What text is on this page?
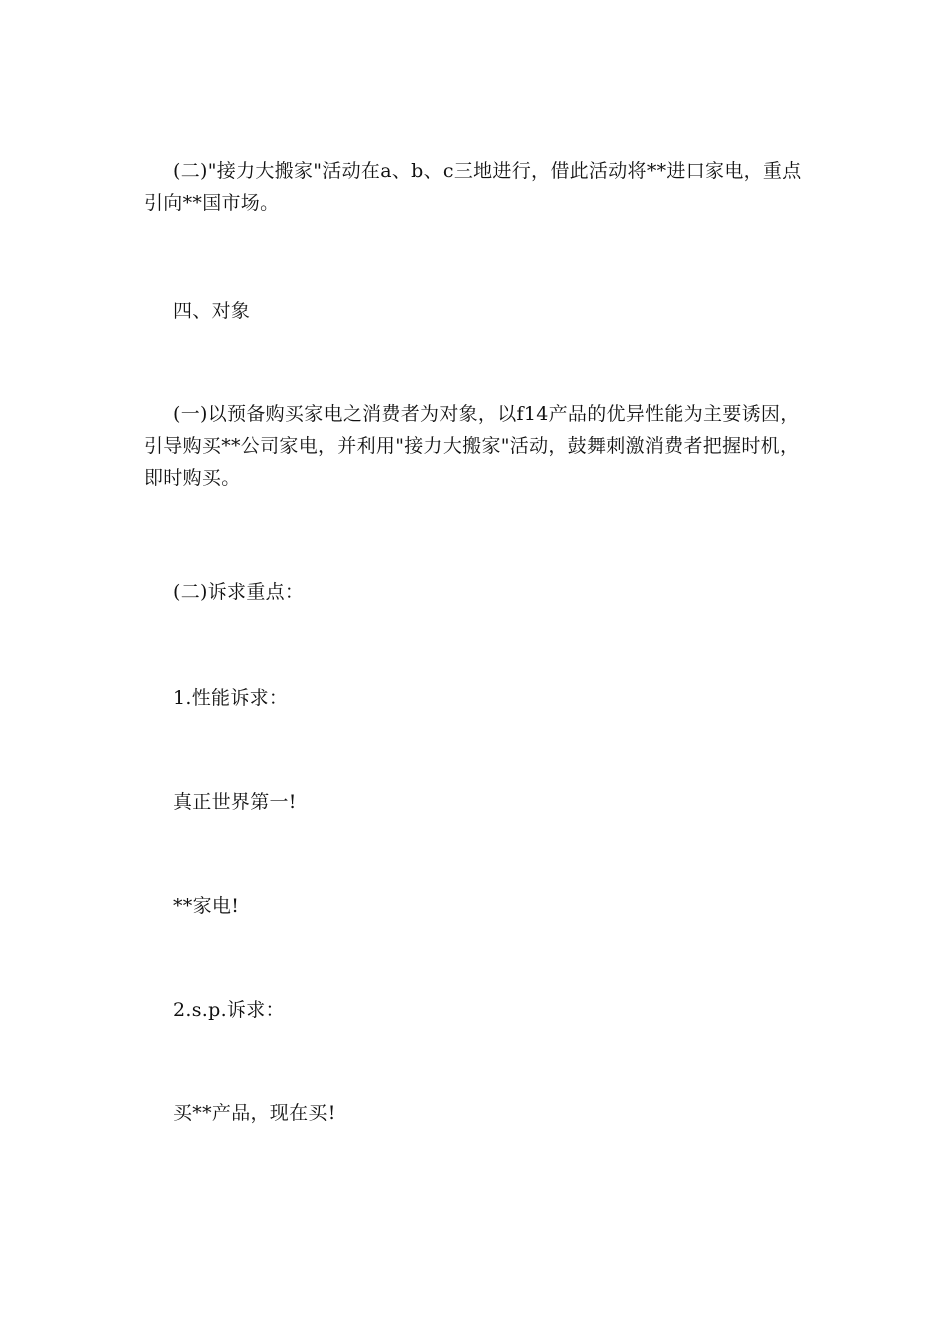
(二)"接力大搬家"活动在a、b、c三地进行，借此活动将**进口家电，重点
引向**国市场。
四、对象
(一)以预备购买家电之消费者为对象，以f14产品的优异性能为主要诱因，
引导购买**公司家电，并利用"接力大搬家"活动，鼓舞刺激消费者把握时机，
即时购买。
(二)诉求重点：
1.性能诉求：
真正世界第一!
**家电!
2.s.p.诉求：
买**产品，现在买!
